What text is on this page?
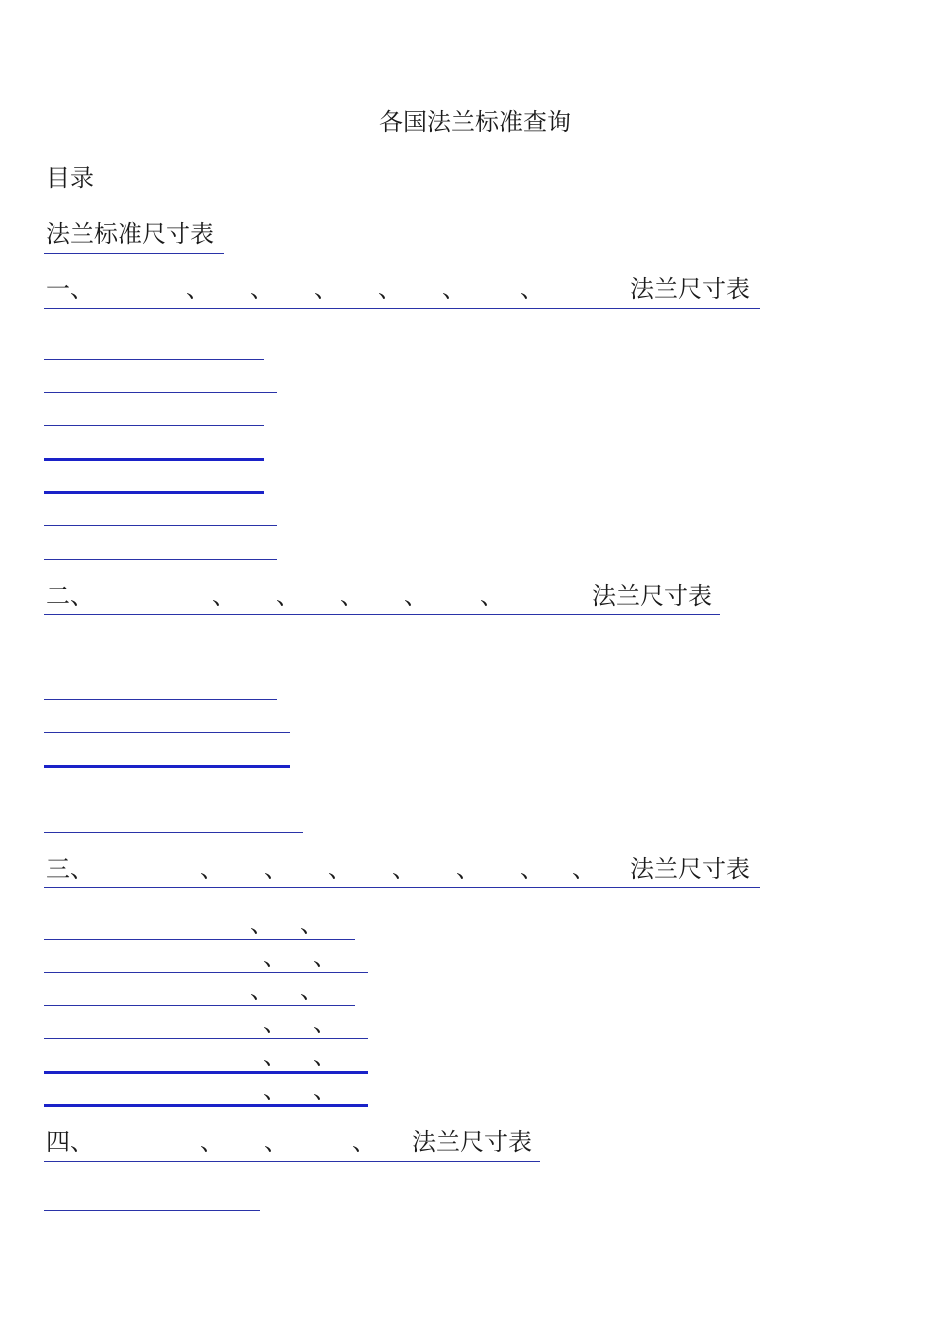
各国法兰标准查询
目录
法兰标准尺寸表
一、	、 、 、 、 、 、	法兰尺寸表
二、	、 、 、 、 、	法兰尺寸表
三、	、 、 、 、 、 、 、 法兰尺寸表
、 、
、 、
、 、
、 、
、 、
、 、
四、	、 、	、 法兰尺寸表
